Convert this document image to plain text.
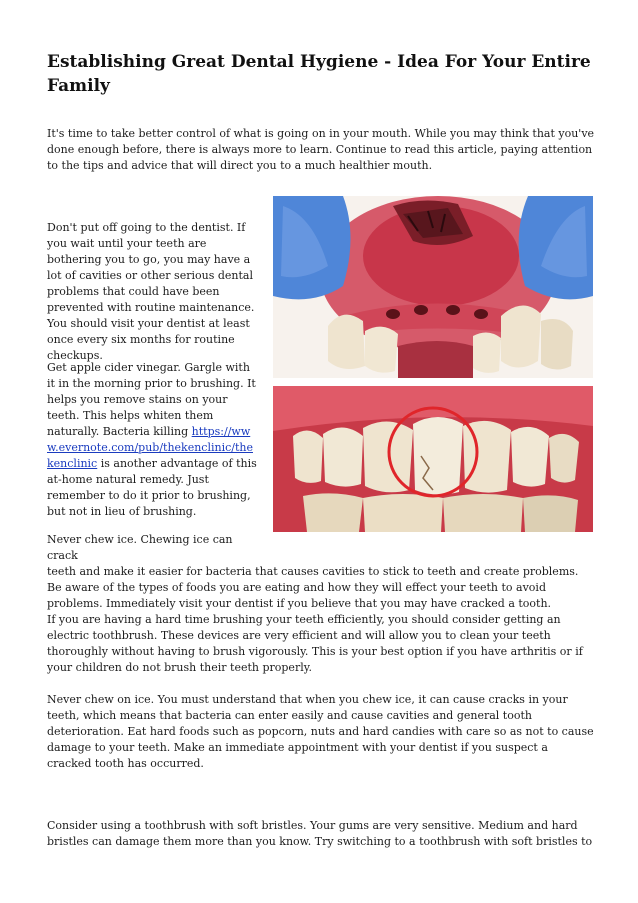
Establishing Great Dental Hygiene - Idea For Your Entire Family

It's time to take better control of what is going on in your mouth. While you may think that you've done enough before, there is always more to learn. Continue to read this article, paying attention to the tips and advice that will direct you to a much healthier mouth.

Don't put off going to the dentist. If you wait until your teeth are bothering you to go, you may have a lot of cavities or other serious dental problems that could have been prevented with routine maintenance. You should visit your dentist at least once every six months for routine checkups.

Get apple cider vinegar. Gargle with it in the morning prior to brushing. It helps you remove stains on your teeth. This helps whiten them naturally. Bacteria killing https://www.evernote.com/pub/thekenclinic/thekenclinic is another advantage of this at-home natural remedy. Just remember to do it prior to brushing, but not in lieu of brushing.

Never chew ice. Chewing ice can crack
teeth and make it easier for bacteria that causes cavities to stick to teeth and create problems. Be aware of the types of foods you are eating and how they will effect your teeth to avoid problems. Immediately visit your dentist if you believe that you may have cracked a tooth.

If you are having a hard time brushing your teeth efficiently, you should consider getting an electric toothbrush. These devices are very efficient and will allow you to clean your teeth thoroughly without having to brush vigorously. This is your best option if you have arthritis or if your children do not brush their teeth properly.

Never chew on ice. You must understand that when you chew ice, it can cause cracks in your teeth, which means that bacteria can enter easily and cause cavities and general tooth deterioration. Eat hard foods such as popcorn, nuts and hard candies with care so as not to cause damage to your teeth. Make an immediate appointment with your dentist if you suspect a cracked tooth has occurred.

Consider using a toothbrush with soft bristles. Your gums are very sensitive. Medium and hard bristles can damage them more than you know. Try switching to a toothbrush with soft bristles to
